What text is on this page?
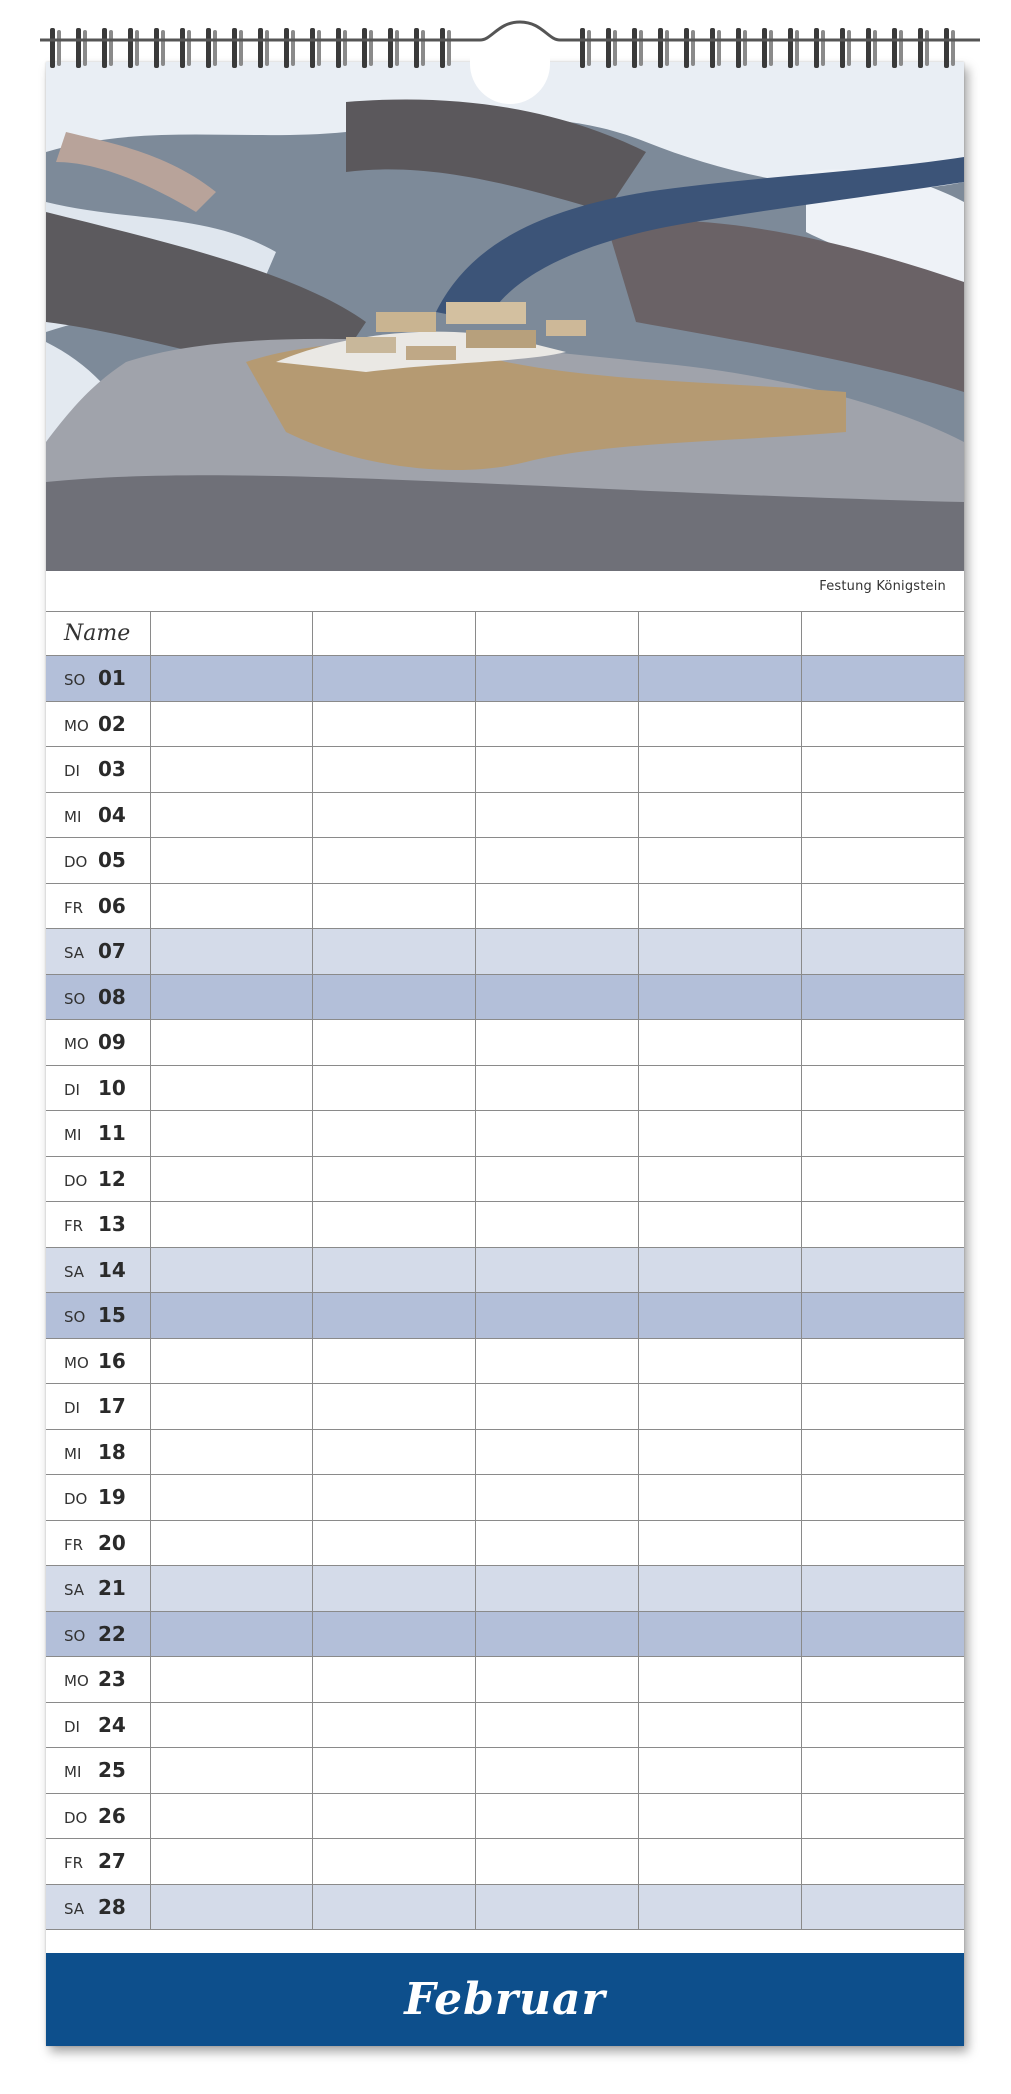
Festung Königstein
Name					
SO 01					
MO 02					
DI 03					
MI 04					
DO 05					
FR 06					
SA 07					
SO 08					
MO 09					
DI 10					
MI 11					
DO 12					
FR 13					
SA 14					
SO 15					
MO 16					
DI 17					
MI 18					
DO 19					
FR 20					
SA 21					
SO 22					
MO 23					
DI 24					
MI 25					
DO 26					
FR 27					
SA 28					
Februar
